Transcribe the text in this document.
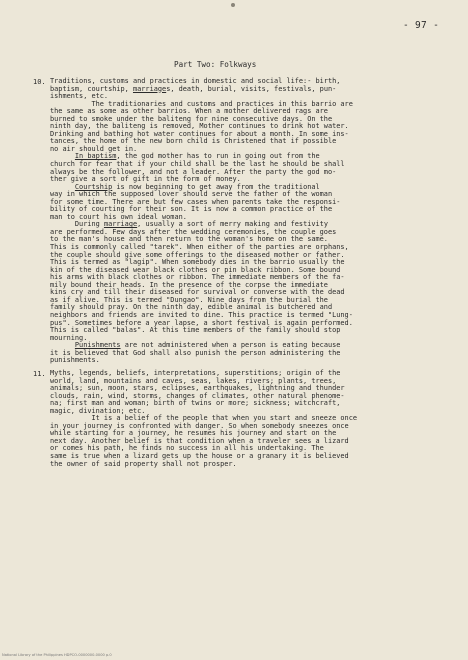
- 97 -
Part Two: Folkways
10. Traditions, customs and practices in domestic and social life:- birth,
baptism, courtship, marriages, death, burial, visits, festivals, pun-
ishments, etc.
The traditionaries and customs and practices in this barrio are
the same as some as other barrios. When a mother delivered rags are
burned to smoke under the baliteng for nine consecutive days. On the
ninth day, the baliteng is removed, Mother continues to drink hot water.
Drinking and bathing hot water continues for about a month. In some ins-
tances, the home of the new born child is Christened that if possible
no air should get in.
In baptism, the god mother has to run in going out from the
church for fear that if your child shall be the last he should be shall
always be the follower, and not a leader. After the party the god mo-
ther give a sort of gift in the form of money.
Courtship is now beginning to get away from the traditional
way in which the supposed lover should serve the father of the woman
for some time. There are but few cases when parents take the responsi-
bility of courting for their son. It is now a common practice of the
man to court his own ideal woman.
During marriage, usually a sort of merry making and festivity
are performed. Few days after the wedding ceremonies, the couple goes
to the man's house and then return to the woman's home on the same.
This is commonly called "tarek". When either of the parties are orphans,
the couple should give some offerings to the diseased mother or father.
This is termed as "lagip". When somebody dies in the barrio usually the
kin of the diseased wear black clothes or pin black ribbon. Some bound
his arms with black clothes or ribbon. The immediate members of the fa-
mily bound their heads. In the presence of the corpse the immediate
kins cry and till their diseased for survival or converse with the dead
as if alive. This is termed "Dungao". Nine days from the burial the
family should pray. On the ninth day, edible animal is butchered and
neighbors and friends are invited to dine. This practice is termed "Lung-
pus". Sometimes before a year lapse, a short festival is again performed.
This is called "balas". At this time members of the family should stop
mourning.
Punishments are not administered when a person is eating because
it is believed that God shall also punish the person administering the
punishments.
11. Myths, legends, beliefs, interpretations, superstitions; origin of the
world, land, mountains and caves, seas, lakes, rivers; plants, trees,
animals; sun, moon, stars, eclipses, earthquakes, lightning and thunder
clouds, rain, wind, storms, changes of climates, other natural phenome-
na; first man and woman; birth of twins or more; sickness; witchcraft,
magic, divination; etc.
It is a belief of the people that when you start and sneeze once
in your journey is confronted with danger. So when somebody sneezes once
while starting for a journey, he resumes his journey and start on the
next day. Another belief is that condition when a traveler sees a lizard
or comes his path, he finds no success in all his undertaking. The
same is true when a lizard gets up the house or a granary it is believed
the owner of said property shall not prosper.
National Library of the Philippines HDPCO-0000000-0000 p.0
